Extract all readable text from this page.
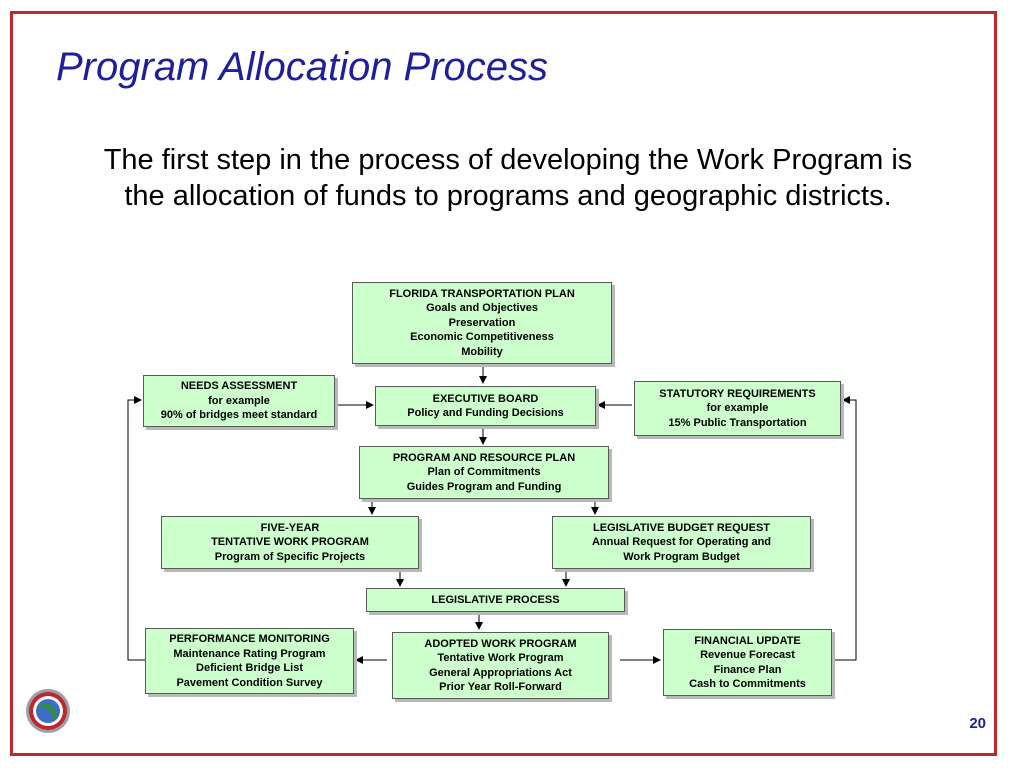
Program Allocation Process
The first step in the process of developing the Work Program is the allocation of funds to programs and geographic districts.
FLORIDA TRANSPORTATION PLAN
Goals and Objectives
Preservation
Economic Competitiveness
Mobility
NEEDS ASSESSMENT
for example
90% of bridges meet standard
EXECUTIVE BOARD
Policy and Funding Decisions
STATUTORY REQUIREMENTS
for example
15% Public Transportation
PROGRAM AND RESOURCE PLAN
Plan of Commitments
Guides Program and Funding
FIVE-YEAR
TENTATIVE WORK PROGRAM
Program of Specific Projects
LEGISLATIVE BUDGET REQUEST
Annual Request for Operating and
Work Program Budget
LEGISLATIVE PROCESS
PERFORMANCE MONITORING
Maintenance Rating Program
Deficient Bridge List
Pavement Condition Survey
ADOPTED WORK PROGRAM
Tentative Work Program
General Appropriations Act
Prior Year Roll-Forward
FINANCIAL UPDATE
Revenue Forecast
Finance Plan
Cash to Commitments
20
